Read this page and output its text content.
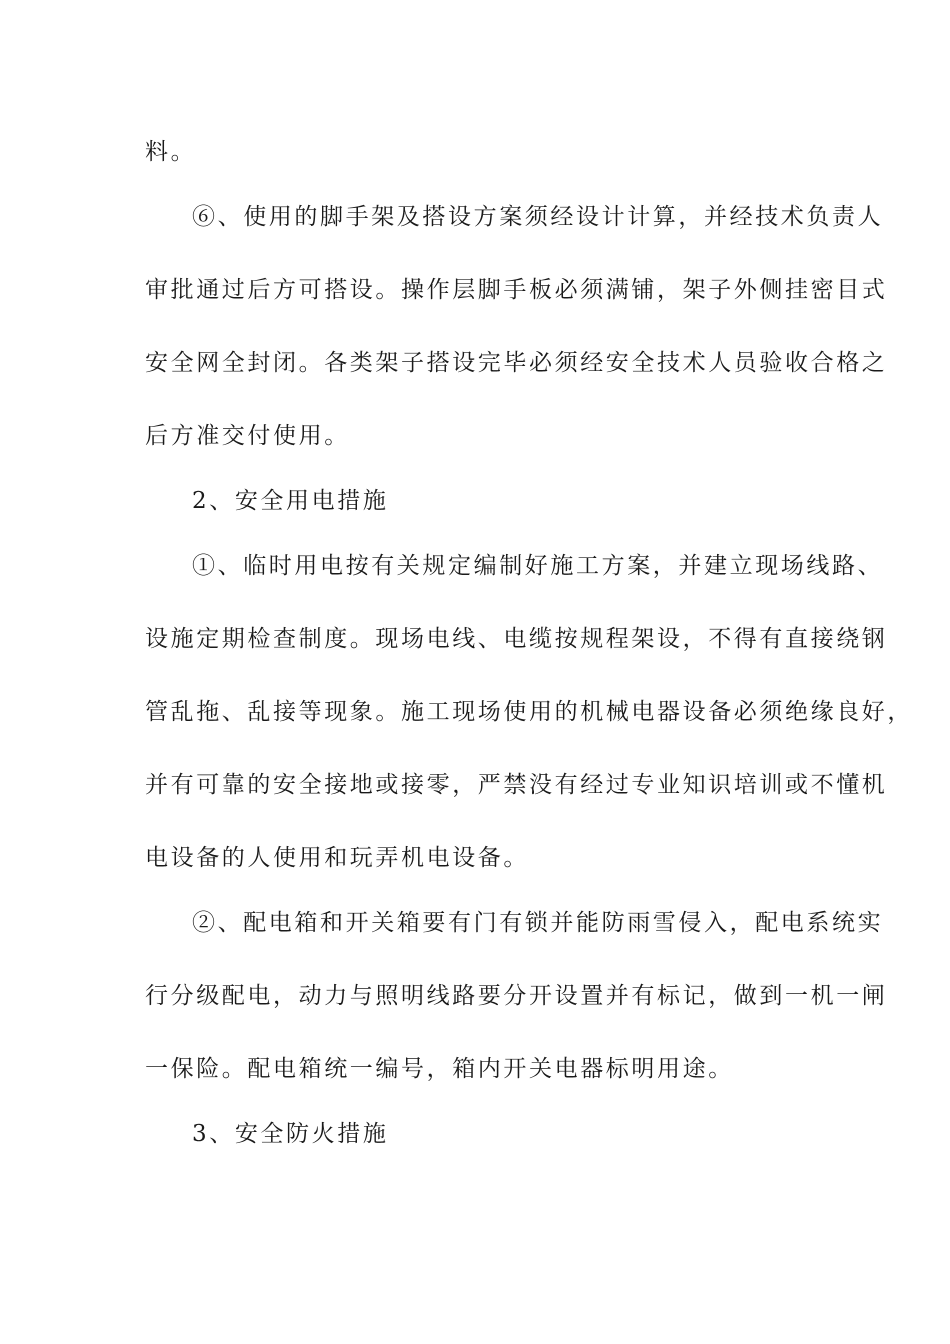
料。
⑥、使用的脚手架及搭设方案须经设计计算，并经技术负责人
审批通过后方可搭设。操作层脚手板必须满铺，架子外侧挂密目式
安全网全封闭。各类架子搭设完毕必须经安全技术人员验收合格之
后方准交付使用。
2、安全用电措施
①、临时用电按有关规定编制好施工方案，并建立现场线路、
设施定期检查制度。现场电线、电缆按规程架设，不得有直接绕钢
管乱拖、乱接等现象。施工现场使用的机械电器设备必须绝缘良好，
并有可靠的安全接地或接零，严禁没有经过专业知识培训或不懂机
电设备的人使用和玩弄机电设备。
②、配电箱和开关箱要有门有锁并能防雨雪侵入，配电系统实
行分级配电，动力与照明线路要分开设置并有标记，做到一机一闸
一保险。配电箱统一编号，箱内开关电器标明用途。
3、安全防火措施
